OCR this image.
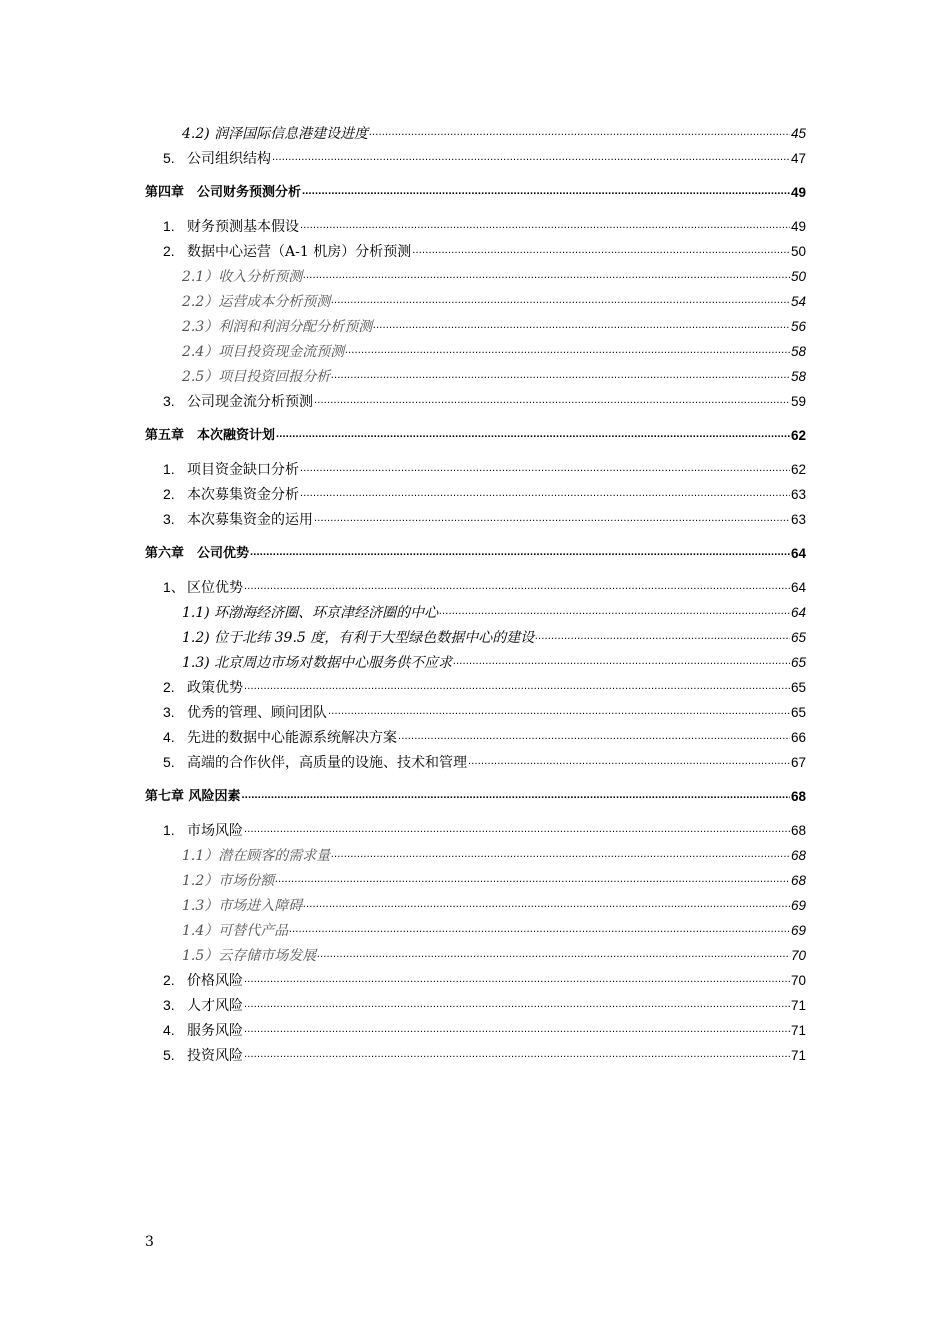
4.2) 润泽国际信息港建设进度 .....	45
5. 公司组织结构 .....	47
第四章　公司财务预测分析 .....	49
1. 财务预测基本假设 .....	49
2. 数据中心运营（A-1 机房）分析预测 .....	50
2.1）收入分析预测 .....	50
2.2）运营成本分析预测 .....	54
2.3）利润和利润分配分析预测 .....	56
2.4）项目投资现金流预测 .....	58
2.5）项目投资回报分析 .....	58
3. 公司现金流分析预测 .....	59
第五章　本次融资计划 .....	62
1. 项目资金缺口分析 .....	62
2. 本次募集资金分析 .....	63
3. 本次募集资金的运用 .....	63
第六章　公司优势 .....	64
1、 区位优势 .....	64
1.1) 环渤海经济圈、环京津经济圈的中心 .....	64
1.2) 位于北纬 39.5 度，有利于大型绿色数据中心的建设 .....	65
1.3) 北京周边市场对数据中心服务供不应求 .....	65
2. 政策优势 .....	65
3. 优秀的管理、顾问团队 .....	65
4. 先进的数据中心能源系统解决方案 .....	66
5. 高端的合作伙伴，高质量的设施、技术和管理 .....	67
第七章 风险因素 .....	68
1. 市场风险 .....	68
1.1）潜在顾客的需求量 .....	68
1.2）市场份额 .....	68
1.3）市场进入障碍 .....	69
1.4）可替代产品 .....	69
1.5）云存储市场发展 .....	70
2. 价格风险 .....	70
3. 人才风险 .....	71
4. 服务风险 .....	71
5. 投资风险 .....	71
3
